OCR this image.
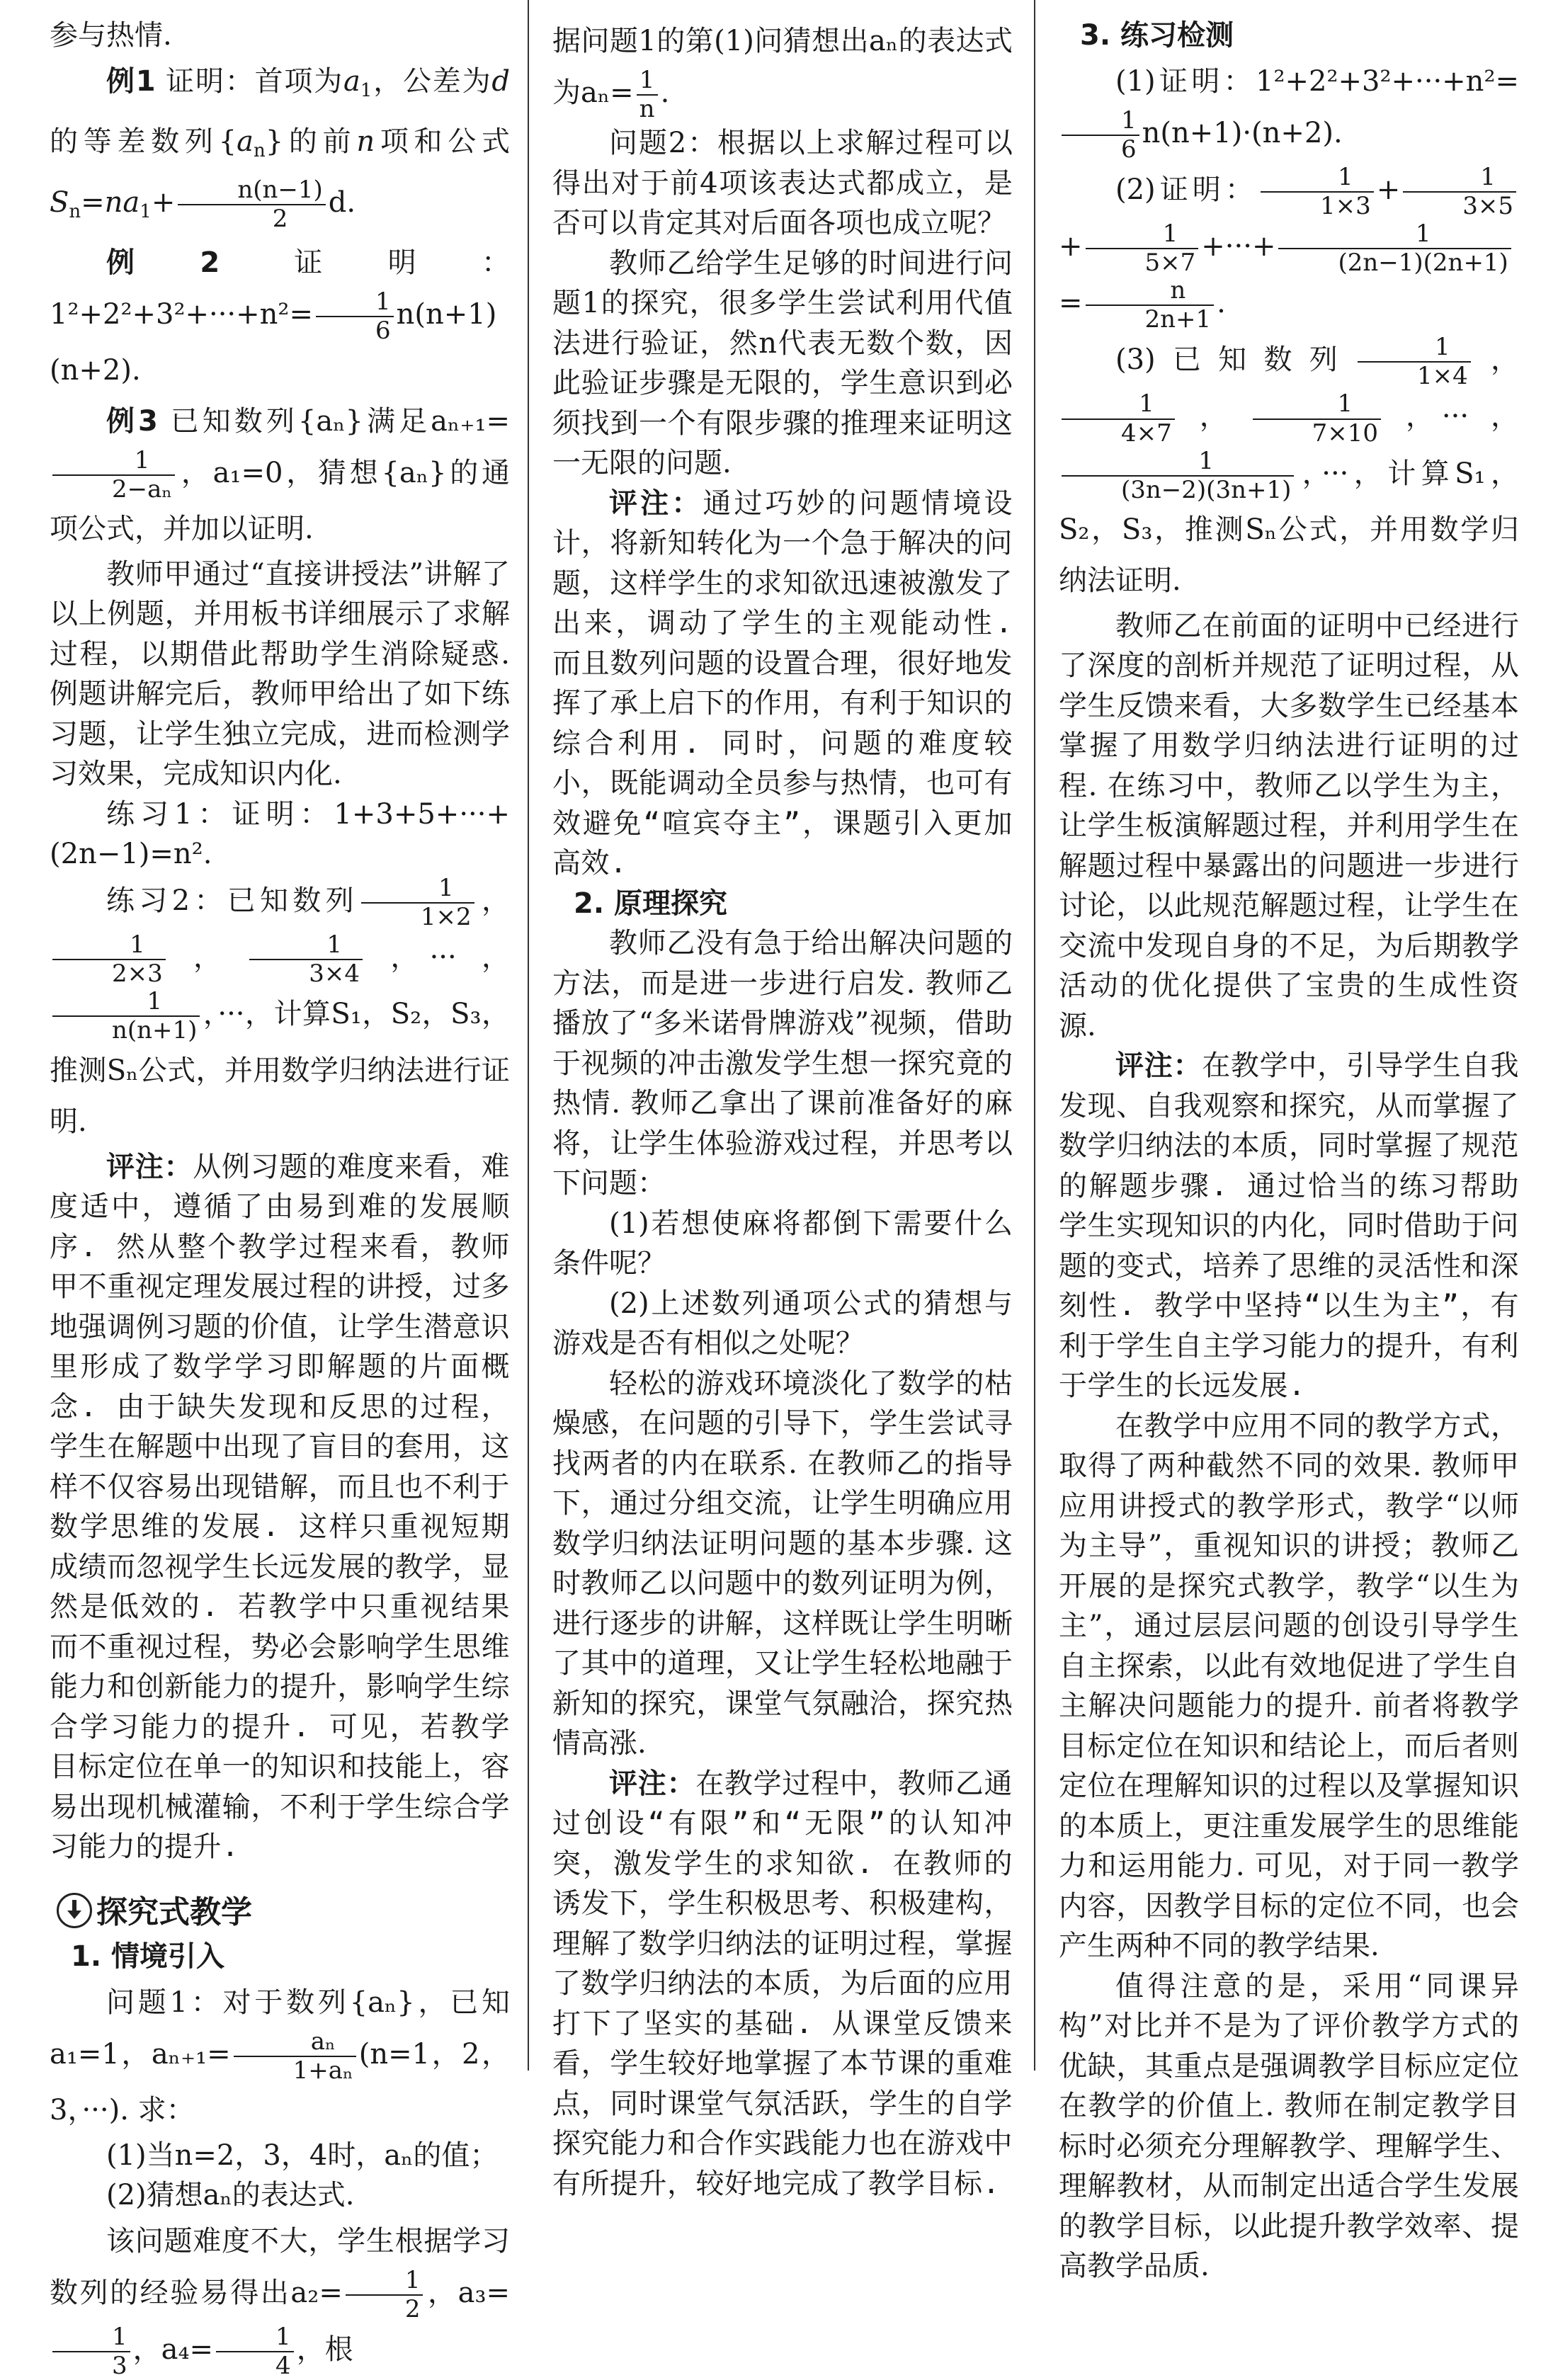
参与热情.

例1 证明：首项为$a_1$，公差为d的等差数列$\{a_n\}$的前n项和公式$S_n=na_1+ \frac{n(n-1)}{2} d$.

例2	证明：$1^2+2^2+3^2+\cdot\cdot\cdot+n^2= \frac{1}{6} n(n+1)(n+2)$.

例3 已知数列{aₙ}满足aₙ₊₁=
$\frac{1}{\text{2−aₙ}}$ ，a₁=0，猜想{aₙ}的通项公式，并加以证明.

教师甲通过“直接讲授法”讲解了以上例题，并用板书详细展示了求解过程，以期借此帮助学生消除疑惑. 例题讲解完后，教师甲给出了如下练习题，让学生独立完成，进而检测学习效果，完成知识内化.

练习1：证明：1+3+5+···+(2n−1)=n².

练习2：已知数列 $\frac{1}{1\times 2}$ ，
$\frac{1}{2\times 3}$ ， $\frac{1}{3\times 4}$ ，···，
$\frac{1}{n(n+1)}$ ，···，计算S₁，S₂，S₃，推测Sₙ公式，并用数学归纳法进行证明.

评注：从例习题的难度来看，难度适中，遵循了由易到难的发展顺序. 然从整个教学过程来看，教师甲不重视定理发展过程的讲授，过多地强调例习题的价值，让学生潜意识里形成了数学学习即解题的片面概念. 由于缺失发现和反思的过程，学生在解题中出现了盲目的套用，这样不仅容易出现错解，而且也不利于数学思维的发展. 这样只重视短期成绩而忽视学生长远发展的教学，显然是低效的. 若教学中只重视结果而不重视过程，势必会影响学生思维能力和创新能力的提升，影响学生综合学习能力的提升. 可见，若教学目标定位在单一的知识和技能上，容易出现机械灌输，不利于学生综合学习能力的提升.

探究式教学

1. 情境引入

问题1：对于数列{aₙ}，已知a₁=1，$a_{n+1}= \frac{\text{aₙ}}{\text{1+aₙ}} (n=1$，2，3，···). 求：

(1)当n=2，3，4时，aₙ的值；

(2)猜想aₙ的表达式.

该问题难度不大，学生根据学习数列的经验易得出$a_2= \frac{1}{2}$ ，a₃=
$\frac{1}{3}$ ，$a_4= \frac{1}{4}$ ，根

据问题1的第(1)问猜想出aₙ的表达式为$a_n= \frac{1}{n}$ .

问题2：根据以上求解过程可以得出对于前4项该表达式都成立，是否可以肯定其对后面各项也成立呢？

教师乙给学生足够的时间进行问题1的探究，很多学生尝试利用代值法进行验证，然n代表无数个数，因此验证步骤是无限的，学生意识到必须找到一个有限步骤的推理来证明这一无限的问题.

评注：通过巧妙的问题情境设计，将新知转化为一个急于解决的问题，这样学生的求知欲迅速被激发了出来，调动了学生的主观能动性. 而且数列问题的设置合理，很好地发挥了承上启下的作用，有利于知识的综合利用. 同时，问题的难度较小，既能调动全员参与热情，也可有效避免“喧宾夺主”，课题引入更加高效.

2. 原理探究

教师乙没有急于给出解决问题的方法，而是进一步进行启发. 教师乙播放了“多米诺骨牌游戏”视频，借助于视频的冲击激发学生想一探究竟的热情. 教师乙拿出了课前准备好的麻将，让学生体验游戏过程，并思考以下问题：

(1)若想使麻将都倒下需要什么条件呢？

(2)上述数列通项公式的猜想与游戏是否有相似之处呢？

轻松的游戏环境淡化了数学的枯燥感，在问题的引导下，学生尝试寻找两者的内在联系. 在教师乙的指导下，通过分组交流，让学生明确应用数学归纳法证明问题的基本步骤. 这时教师乙以问题中的数列证明为例，进行逐步的讲解，这样既让学生明晰了其中的道理，又让学生轻松地融于新知的探究，课堂气氛融洽，探究热情高涨.

评注：在教学过程中，教师乙通过创设“有限”和“无限”的认知冲突，激发学生的求知欲. 在教师的诱发下，学生积极思考、积极建构，理解了数学归纳法的证明过程，掌握了数学归纳法的本质，为后面的应用打下了坚实的基础. 从课堂反馈来看，学生较好地掌握了本节课的重难点，同时课堂气氛活跃，学生的自学探究能力和合作实践能力也在游戏中有所提升，较好地完成了教学目标.

3. 练习检测

(1)证明：1²+2²+3²+···+n²=
$\frac{1}{6} n(n+1)\cdot(n+2)$.

(2)证明： $\frac{1}{1\times 3} + \frac{1}{3\times 5}$
+ $\frac{1}{5\times 7}$ +···+ $\frac{1}{(2n-1)(2n+1)}$
= $\frac{n}{2n+1}$ .

(3)已知数列 $\frac{1}{1\times 4}$ ，
$\frac{1}{4\times 7}$ ， $\frac{1}{7\times 10}$ ，···，
$\frac{1}{(3n-2)(3n+1)}$ ，···，计算S₁，S₂，S₃，推测Sₙ公式，并用数学归纳法证明.

教师乙在前面的证明中已经进行了深度的剖析并规范了证明过程，从学生反馈来看，大多数学生已经基本掌握了用数学归纳法进行证明的过程. 在练习中，教师乙以学生为主，让学生板演解题过程，并利用学生在解题过程中暴露出的问题进一步进行讨论，以此规范解题过程，让学生在交流中发现自身的不足，为后期教学活动的优化提供了宝贵的生成性资源.

评注：在教学中，引导学生自我发现、自我观察和探究，从而掌握了数学归纳法的本质，同时掌握了规范的解题步骤. 通过恰当的练习帮助学生实现知识的内化，同时借助于问题的变式，培养了思维的灵活性和深刻性. 教学中坚持“以生为主”，有利于学生自主学习能力的提升，有利于学生的长远发展.

在教学中应用不同的教学方式，取得了两种截然不同的效果. 教师甲应用讲授式的教学形式，教学“以师为主导”，重视知识的讲授；教师乙开展的是探究式教学，教学“以生为主”，通过层层问题的创设引导学生自主探索，以此有效地促进了学生自主解决问题能力的提升. 前者将教学目标定位在知识和结论上，而后者则定位在理解知识的过程以及掌握知识的本质上，更注重发展学生的思维能力和运用能力. 可见，对于同一教学内容，因教学目标的定位不同，也会产生两种不同的教学结果.

值得注意的是，采用“同课异构”对比并不是为了评价教学方式的优缺，其重点是强调教学目标应定位在教学的价值上. 教师在制定教学目标时必须充分理解教学、理解学生、理解教材，从而制定出适合学生发展的教学目标，以此提升教学效率、提高教学品质.
